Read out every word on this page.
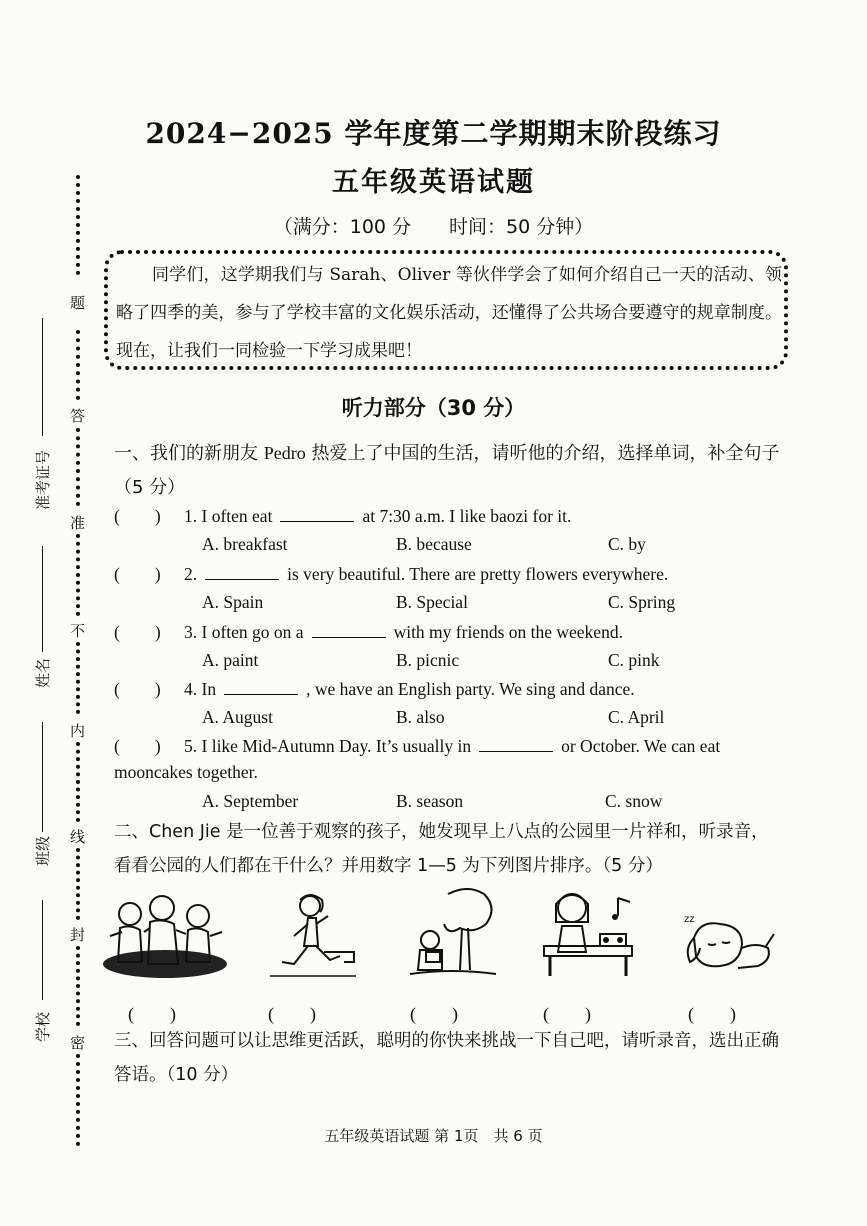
题
答
准
不
内
线
封
密
准考证号
姓名
班级
学校
2024−2025 学年度第二学期期末阶段练习
五年级英语试题
（满分：100 分　　时间：50 分钟）
同学们，这学期我们与 Sarah、Oliver 等伙伴学会了如何介绍自己一天的活动、领略了四季的美，参与了学校丰富的文化娱乐活动，还懂得了公共场合要遵守的规章制度。现在，让我们一同检验一下学习成果吧！
听力部分（30 分）
一、我们的新朋友 Pedro 热爱上了中国的生活，请听他的介绍，选择单词，补全句子（5 分）
(　　) 1. I often eat	at 7:30 a.m. I like baozi for it.
A. breakfast	B. because	C. by
(　　) 2.	is very beautiful. There are pretty flowers everywhere.
A. Spain	B. Special	C. Spring
(　　) 3. I often go on a	with my friends on the weekend.
A. paint	B. picnic	C. pink
(　　) 4. In	, we have an English party. We sing and dance.
A. August	B. also	C. April
(　　) 5. I like Mid-Autumn Day. It’s usually in	or October. We can eat
mooncakes together.
A. September	B. season	C. snow
二、Chen Jie 是一位善于观察的孩子，她发现早上八点的公园里一片祥和，听录音，看看公园的人们都在干什么？并用数字 1—5 为下列图片排序。（5 分）
zz
(　　)	(　　)	(　　)	(　　)	(　　)
三、回答问题可以让思维更活跃，聪明的你快来挑战一下自己吧，请听录音，选出正确答语。（10 分）
五年级英语试题 第 1页　共 6 页
